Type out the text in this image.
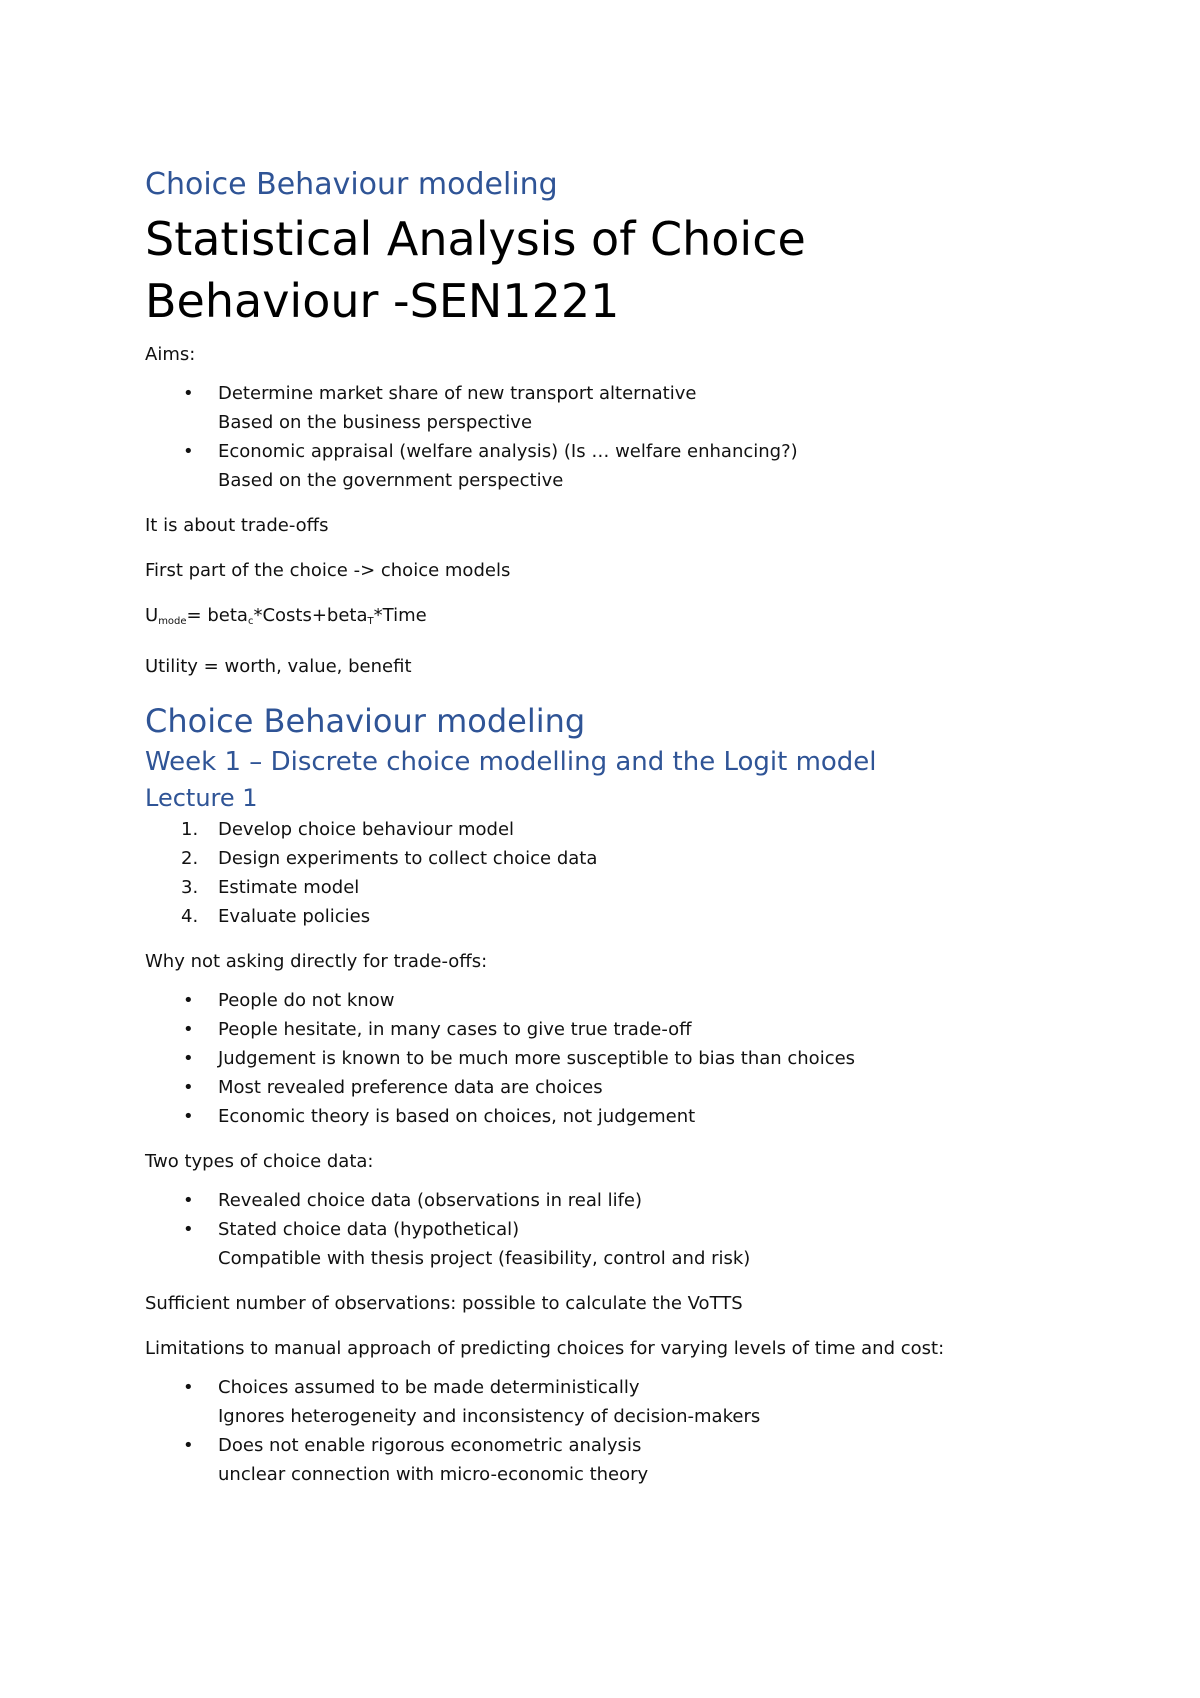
Choice Behaviour modeling
Statistical Analysis of Choice
Behaviour -SEN1221

Aims:

• Determine market share of new transport alternative
Based on the business perspective
• Economic appraisal (welfare analysis) (Is … welfare enhancing?)
Based on the government perspective

It is about trade-offs

First part of the choice -> choice models

$U_{mode}=$ beta$_c$*Costs+beta$_T$*Time

Utility = worth, value, benefit

Choice Behaviour modeling
Week 1 – Discrete choice modelling and the Logit model
Lecture 1
1. Develop choice behaviour model
2. Design experiments to collect choice data
3. Estimate model
4. Evaluate policies

Why not asking directly for trade-offs:

• People do not know
• People hesitate, in many cases to give true trade-off
• Judgement is known to be much more susceptible to bias than choices
• Most revealed preference data are choices
• Economic theory is based on choices, not judgement

Two types of choice data:

• Revealed choice data (observations in real life)
• Stated choice data (hypothetical)
Compatible with thesis project (feasibility, control and risk)

Sufficient number of observations: possible to calculate the VoTTS

Limitations to manual approach of predicting choices for varying levels of time and cost:

• Choices assumed to be made deterministically
Ignores heterogeneity and inconsistency of decision-makers
• Does not enable rigorous econometric analysis
unclear connection with micro-economic theory
